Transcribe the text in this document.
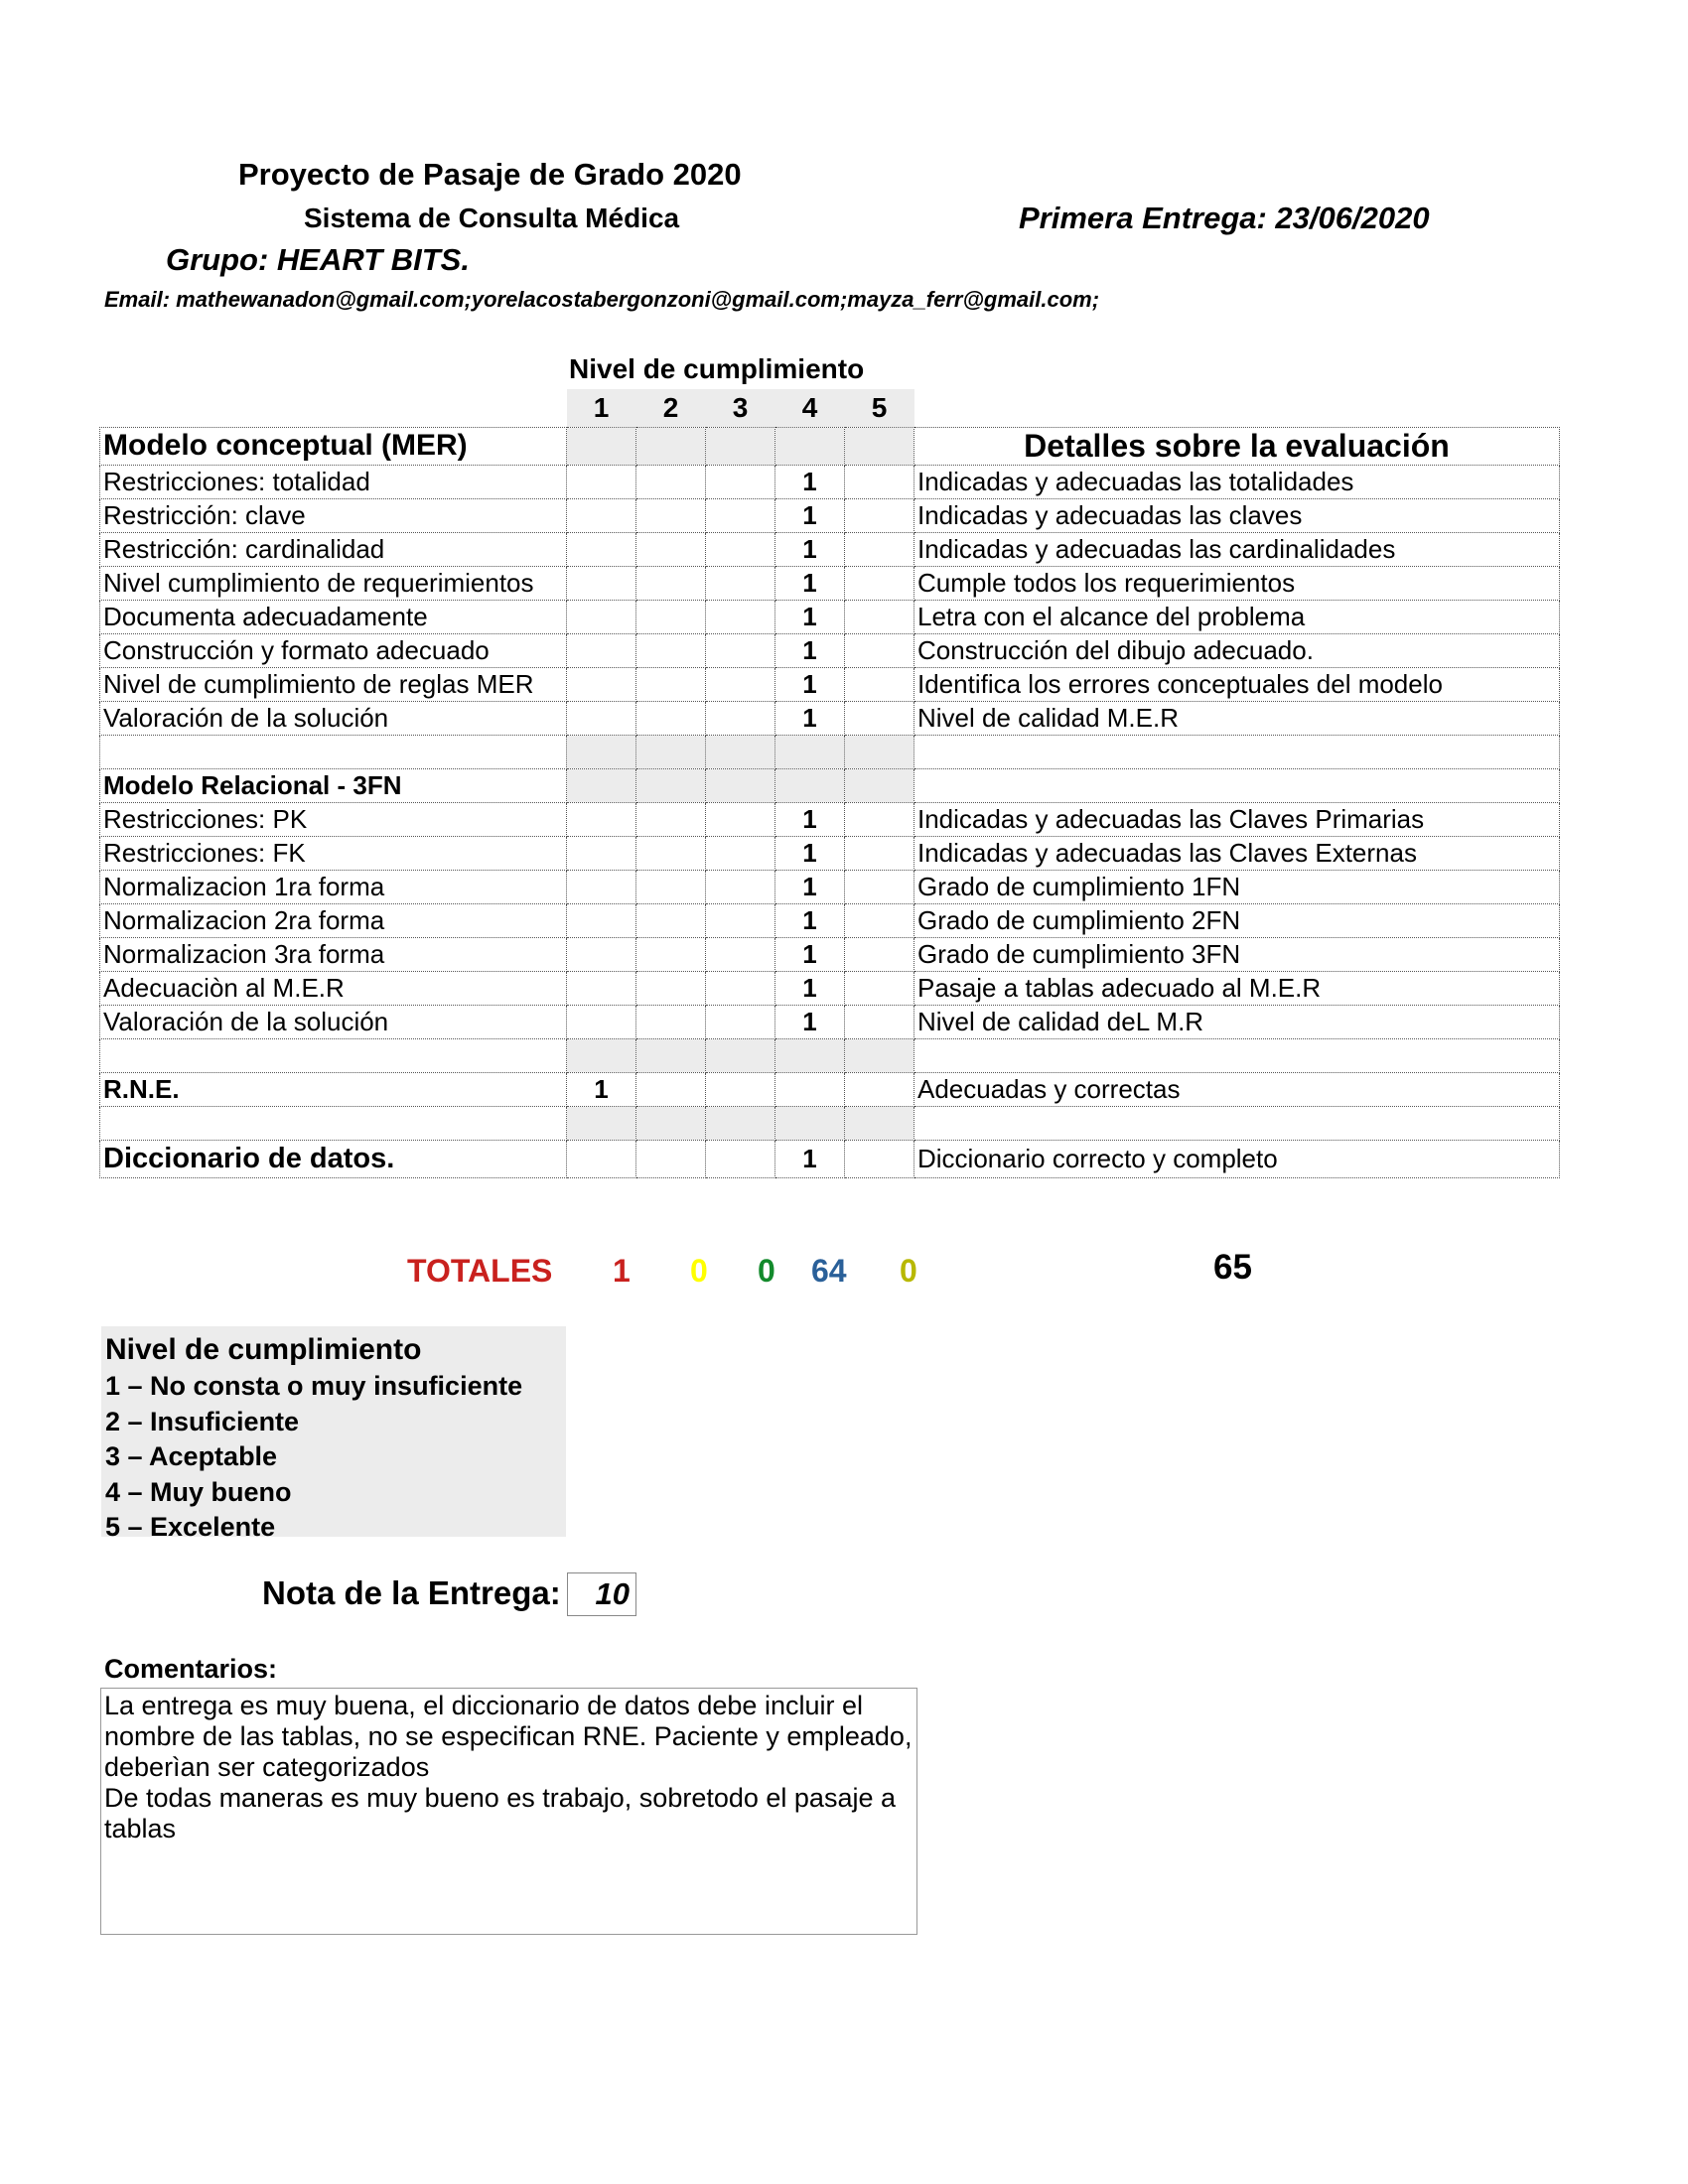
Proyecto de Pasaje de Grado 2020
Sistema de Consulta Médica	Primera Entrega: 23/06/2020
Grupo: HEART BITS.
Email: mathewanadon@gmail.com;yorelacostabergonzoni@gmail.com;mayza_ferr@gmail.com;
Nivel de cumplimiento
	1	2	3	4	5	
Modelo conceptual (MER)						Detalles sobre la evaluación
Restricciones: totalidad				1		Indicadas y adecuadas las totalidades
Restricción: clave				1		Indicadas y adecuadas las claves
Restricción: cardinalidad				1		Indicadas y adecuadas las cardinalidades
Nivel cumplimiento de requerimientos				1		Cumple todos los requerimientos
Documenta adecuadamente				1		Letra con el alcance del problema
Construcción y formato adecuado				1		Construcción del dibujo adecuado.
Nivel de cumplimiento de reglas MER				1		Identifica los errores conceptuales del modelo
Valoración de la solución				1		Nivel de calidad M.E.R

Modelo Relacional - 3FN						
Restricciones: PK				1		Indicadas y adecuadas las Claves Primarias
Restricciones: FK				1		Indicadas y adecuadas las Claves Externas
Normalizacion 1ra forma				1		Grado de cumplimiento 1FN
Normalizacion 2ra forma				1		Grado de cumplimiento 2FN
Normalizacion 3ra forma				1		Grado de cumplimiento 3FN
Adecuaciòn al M.E.R				1		Pasaje a tablas adecuado al M.E.R
Valoración de la solución				1		Nivel de calidad deL M.R

R.N.E.	1					Adecuadas y correctas

Diccionario de datos.				1		Diccionario correcto y completo
TOTALES 1 0 0 64 0	65
Nivel de cumplimiento
1 – No consta o muy insuficiente
2 – Insuficiente
3 – Aceptable
4 – Muy bueno
5 – Excelente
Nota de la Entrega:	10
Comentarios:
La entrega es muy buena, el diccionario de datos debe incluir el nombre de las tablas, no se especifican RNE. Paciente y empleado, deberìan ser categorizados
De todas maneras es muy bueno es trabajo, sobretodo el pasaje a tablas
